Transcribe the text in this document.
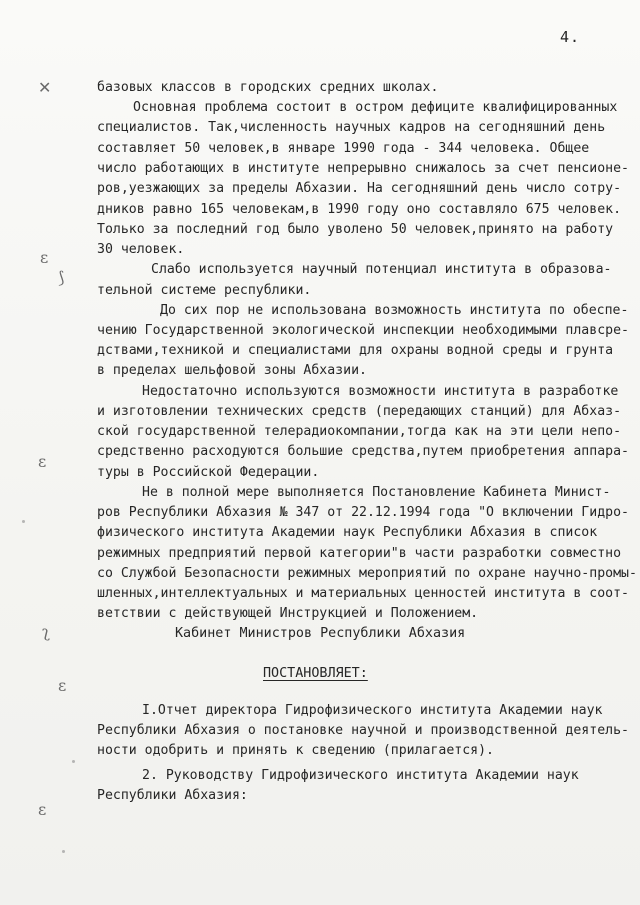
4.
✕
ɛ
⟆
ɛ
ʅ
ɛ
ɛ
базовых классов в городских средних школах.
Основная проблема состоит в остром дефиците квалифицированных
специалистов. Так,численность научных кадров на сегодняшний день
составляет 50 человек,в январе 1990 года - 344 человека. Общее
число работающих в институте непрерывно снижалось за счет пенсионе-
ров,уезжающих за пределы Абхазии. На сегодняшний день число сотру-
дников равно 165 человекам,в 1990 году оно составляло 675 человек.
Только за последний год было уволено 50 человек,принято на работу
30 человек.
Слабо используется научный потенциал института в образова-
тельной системе республики.
До сих пор не использована возможность института по обеспе-
чению Государственной экологической инспекции необходимыми плавсре-
дствами,техникой и специалистами для охраны водной среды и грунта
в пределах шельфовой зоны Абхазии.
Недостаточно используются возможности института в разработке
и изготовлении технических средств (передающих станций) для Абхаз-
ской государственной телерадиокомпании,тогда как на эти цели непо-
средственно расходуются большие средства,путем приобретения аппара-
туры в Российской Федерации.
Не в полной мере выполняется Постановление Кабинета Минист-
ров Республики Абхазия № 347 от 22.12.1994 года "О включении Гидро-
физического института Академии наук Республики Абхазия в список
режимных предприятий первой категории"в части разработки совместно
со Службой Безопасности режимных мероприятий по охране научно-промы-
шленных,интеллектуальных и материальных ценностей института в соот-
ветствии с действующей Инструкцией и Положением.
Кабинет Министров Республики Абхазия
ПОСТАНОВЛЯЕТ:
I.Отчет директора Гидрофизического института Академии наук
Республики Абхазия о постановке научной и производственной деятель-
ности одобрить и принять к сведению (прилагается).
2. Руководству Гидрофизического института Академии наук
Республики Абхазия:
